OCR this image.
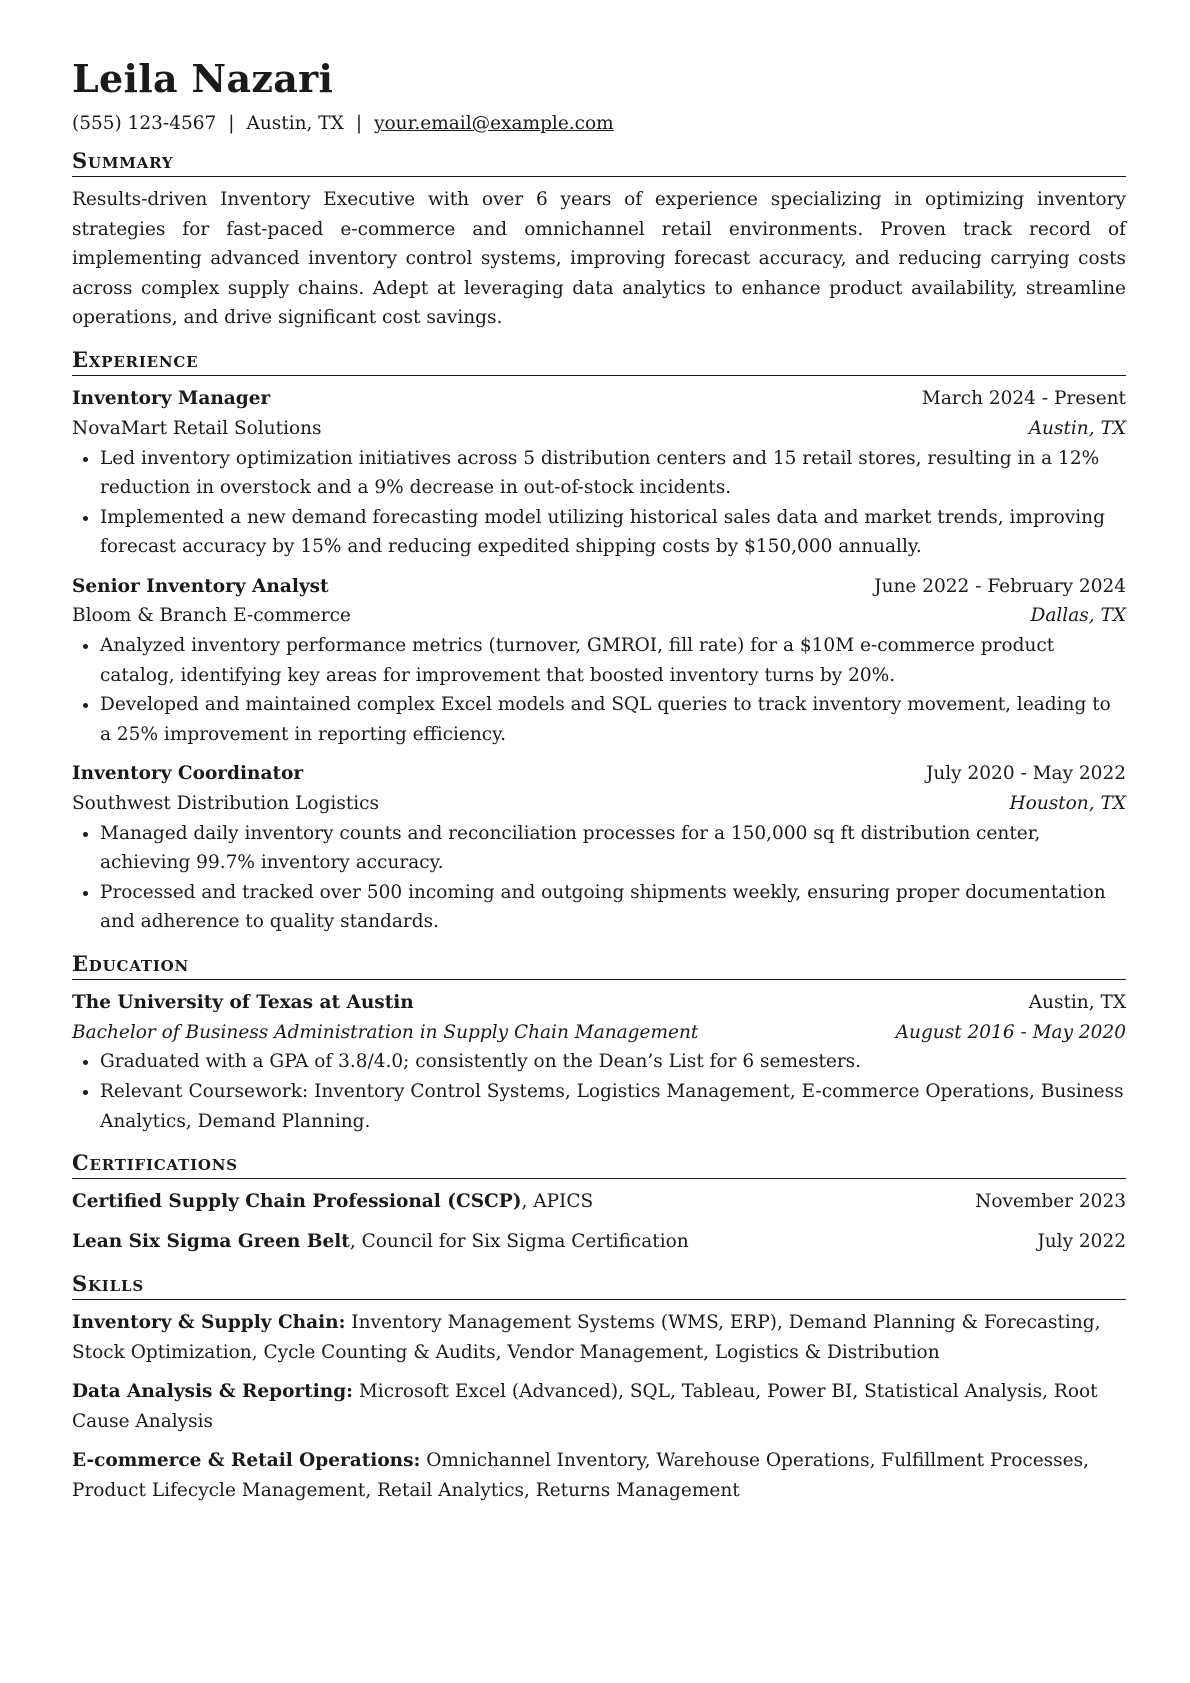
Leila Nazari
(555) 123-4567 | Austin, TX | your.email@example.com
Summary

Results-driven Inventory Executive with over 6 years of experience specializing in optimizing inventory strategies for fast-paced e-commerce and omnichannel retail environments. Proven track record of implementing advanced inventory control systems, improving forecast accuracy, and reducing carrying costs across complex supply chains. Adept at leveraging data analytics to enhance product availability, streamline operations, and drive significant cost savings.

Experience
Inventory Manager	March 2024 - Present
NovaMart Retail Solutions	Austin, TX
• Led inventory optimization initiatives across 5 distribution centers and 15 retail stores, resulting in a 12% reduction in overstock and a 9% decrease in out-of-stock incidents.
• Implemented a new demand forecasting model utilizing historical sales data and market trends, improving forecast accuracy by 15% and reducing expedited shipping costs by $150,000 annually.
Senior Inventory Analyst	June 2022 - February 2024
Bloom & Branch E-commerce	Dallas, TX
• Analyzed inventory performance metrics (turnover, GMROI, fill rate) for a $10M e-commerce product catalog, identifying key areas for improvement that boosted inventory turns by 20%.
• Developed and maintained complex Excel models and SQL queries to track inventory movement, leading to a 25% improvement in reporting efficiency.
Inventory Coordinator	July 2020 - May 2022
Southwest Distribution Logistics	Houston, TX
• Managed daily inventory counts and reconciliation processes for a 150,000 sq ft distribution center, achieving 99.7% inventory accuracy.
• Processed and tracked over 500 incoming and outgoing shipments weekly, ensuring proper documentation and adherence to quality standards.
Education
The University of Texas at Austin	Austin, TX
Bachelor of Business Administration in Supply Chain Management	August 2016 - May 2020
• Graduated with a GPA of 3.8/4.0; consistently on the Dean’s List for 6 semesters.
• Relevant Coursework: Inventory Control Systems, Logistics Management, E-commerce Operations, Business Analytics, Demand Planning.
Certifications
Certified Supply Chain Professional (CSCP), APICS	November 2023
Lean Six Sigma Green Belt, Council for Six Sigma Certification	July 2022
Skills

Inventory & Supply Chain: Inventory Management Systems (WMS, ERP), Demand Planning & Forecasting, Stock Optimization, Cycle Counting & Audits, Vendor Management, Logistics & Distribution

Data Analysis & Reporting: Microsoft Excel (Advanced), SQL, Tableau, Power BI, Statistical Analysis, Root Cause Analysis

E-commerce & Retail Operations: Omnichannel Inventory, Warehouse Operations, Fulfillment Processes, Product Lifecycle Management, Retail Analytics, Returns Management
